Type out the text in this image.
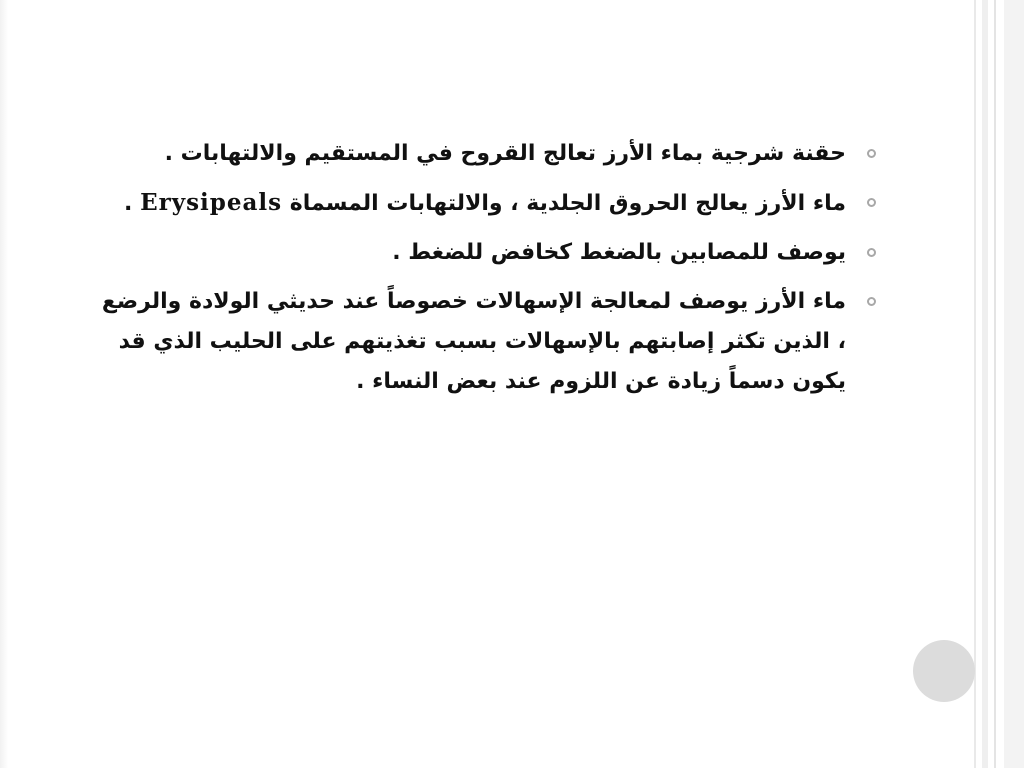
حقنة شرجية بماء الأرز تعالج القروح في المستقيم والالتهابات .
ماء الأرز يعالج الحروق الجلدية ، والالتهابات المسماة Erysipeals .
يوصف للمصابين بالضغط كخافض للضغط .
ماء الأرز يوصف لمعالجة الإسهالات خصوصاً عند حديثي الولادة والرضع ، الذين تكثر إصابتهم بالإسهالات بسبب تغذيتهم على الحليب الذي قد يكون دسماً زيادة عن اللزوم عند بعض النساء .
